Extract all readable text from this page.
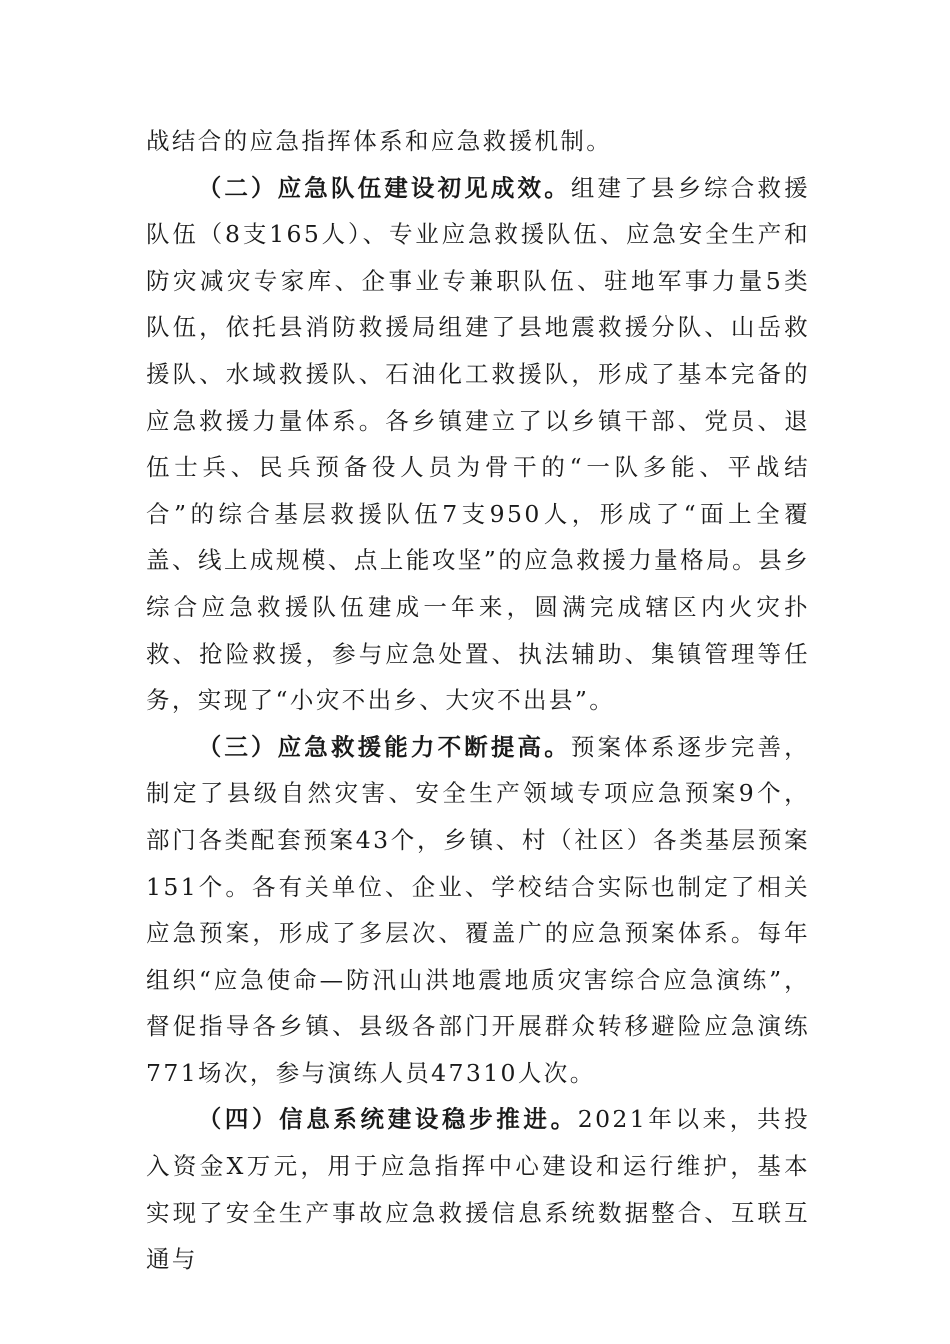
战结合的应急指挥体系和应急救援机制。

（二）应急队伍建设初见成效。组建了县乡综合救援队伍（8支165人）、专业应急救援队伍、应急安全生产和防灾减灾专家库、企事业专兼职队伍、驻地军事力量5类队伍，依托县消防救援局组建了县地震救援分队、山岳救援队、水域救援队、石油化工救援队，形成了基本完备的应急救援力量体系。各乡镇建立了以乡镇干部、党员、退伍士兵、民兵预备役人员为骨干的“一队多能、平战结合”的综合基层救援队伍7支950人，形成了“面上全覆盖、线上成规模、点上能攻坚”的应急救援力量格局。县乡综合应急救援队伍建成一年来，圆满完成辖区内火灾扑救、抢险救援，参与应急处置、执法辅助、集镇管理等任务，实现了“小灾不出乡、大灾不出县”。

（三）应急救援能力不断提高。预案体系逐步完善，制定了县级自然灾害、安全生产领域专项应急预案9个，部门各类配套预案43个，乡镇、村（社区）各类基层预案151个。各有关单位、企业、学校结合实际也制定了相关应急预案，形成了多层次、覆盖广的应急预案体系。每年组织“应急使命—防汛山洪地震地质灾害综合应急演练”，督促指导各乡镇、县级各部门开展群众转移避险应急演练771场次，参与演练人员47310人次。

（四）信息系统建设稳步推进。2021年以来，共投入资金X万元，用于应急指挥中心建设和运行维护，基本实现了安全生产事故应急救援信息系统数据整合、互联互通与
